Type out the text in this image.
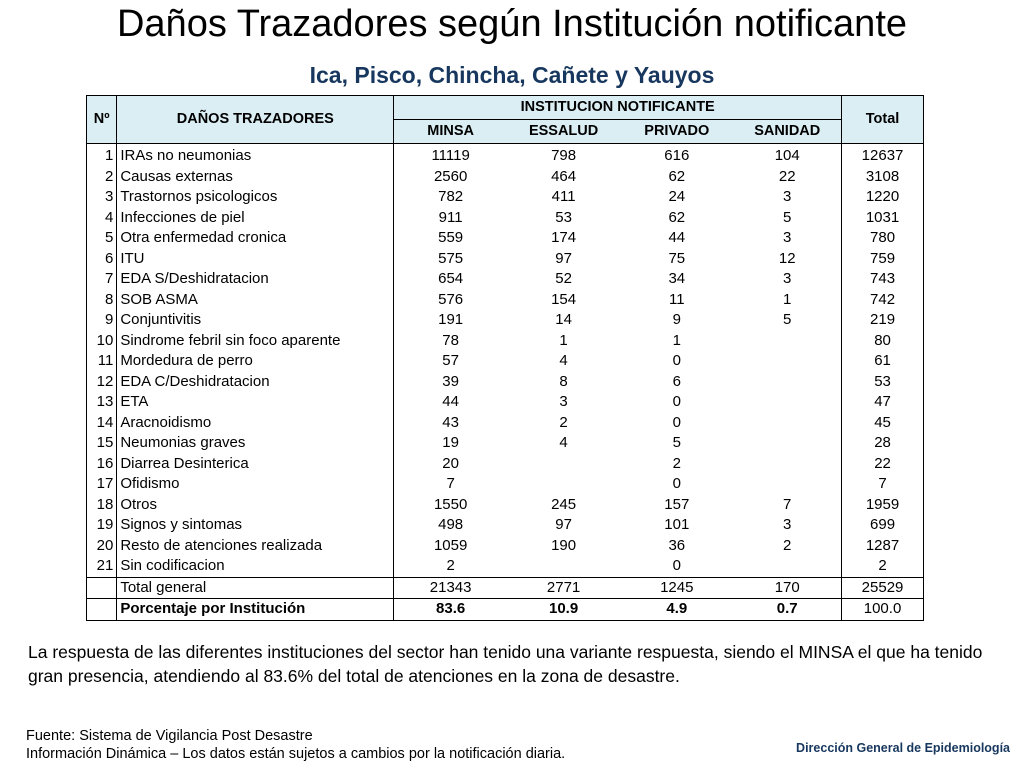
Daños Trazadores según Institución notificante
Ica, Pisco, Chincha, Cañete y Yauyos
Nº	DAÑOS TRAZADORES	INSTITUCION NOTIFICANTE				Total
		MINSA	ESSALUD	PRIVADO	SANIDAD	
1	IRAs no neumonias	11119	798	616	104	12637
2	Causas externas	2560	464	62	22	3108
3	Trastornos psicologicos	782	411	24	3	1220
4	Infecciones de piel	911	53	62	5	1031
5	Otra enfermedad cronica	559	174	44	3	780
6	ITU	575	97	75	12	759
7	EDA S/Deshidratacion	654	52	34	3	743
8	SOB ASMA	576	154	11	1	742
9	Conjuntivitis	191	14	9	5	219
10	Sindrome febril sin foco aparente	78	1	1		80
11	Mordedura de perro	57	4	0		61
12	EDA C/Deshidratacion	39	8	6		53
13	ETA	44	3	0		47
14	Aracnoidismo	43	2	0		45
15	Neumonias graves	19	4	5		28
16	Diarrea Desinterica	20		2		22
17	Ofidismo	7		0		7
18	Otros	1550	245	157	7	1959
19	Signos y sintomas	498	97	101	3	699
20	Resto de atenciones realizada	1059	190	36	2	1287
21	Sin codificacion	2		0		2
	Total general	21343	2771	1245	170	25529
	Porcentaje por Institución	83.6	10.9	4.9	0.7	100.0
La respuesta de las diferentes instituciones del sector han tenido una variante respuesta, siendo el MINSA el que ha tenido gran presencia, atendiendo al 83.6% del total de atenciones en la zona de desastre.
Fuente: Sistema de Vigilancia Post Desastre
Información Dinámica – Los datos están sujetos a cambios por la notificación diaria.	Dirección General de Epidemiología
